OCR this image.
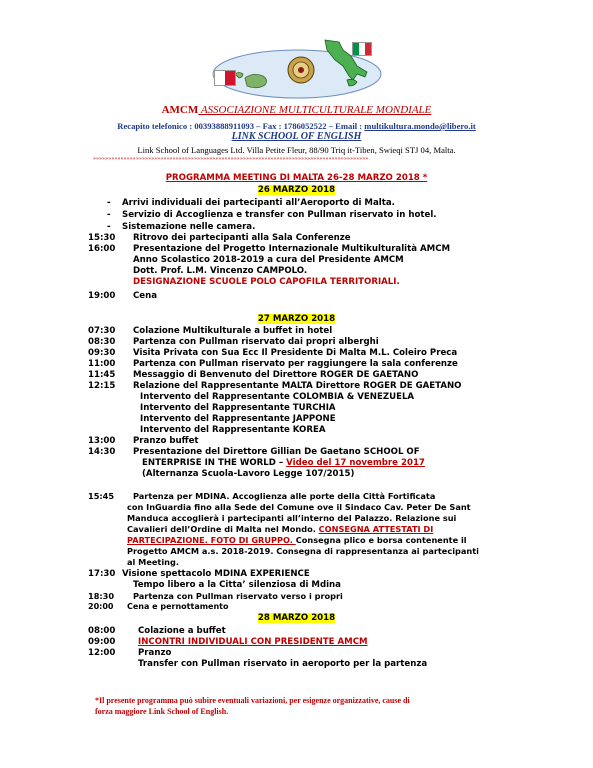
AMCM ASSOCIAZIONE MULTICULTURALE MONDIALE
Recapito telefonico : 00393888911093 – Fax : 1786052522 – Email : multikultura.mondo@libero.it
LINK SCHOOL OF ENGLISH
Link School of Languages Ltd. Villa Petite Fleur, 88/90 Triq it-Tiben, Swieqi STJ 04, Malta.
»»»»»»»»»»»»»»»»»»»»»»»»»»»»»»»»»»»»»»»»»»»»»»»»»»»»»»»»»»»»»»»»»»»»»»»»»»»»»»»»»»»»»»»»»»
PROGRAMMA MEETING DI MALTA 26-28 MARZO 2018 *
26 MARZO 2018
- Arrivi individuali dei partecipanti all’Aeroporto di Malta.
- Servizio di Accoglienza e transfer con Pullman riservato in hotel.
- Sistemazione nelle camera.
15:30 Ritrovo dei partecipanti alla Sala Conferenze
16:00 Presentazione del Progetto Internazionale Multikulturalità AMCM
Anno Scolastico 2018-2019 a cura del Presidente AMCM
Dott. Prof. L.M. Vincenzo CAMPOLO.
DESIGNAZIONE SCUOLE POLO CAPOFILA TERRITORIALI.
19:00 Cena
27 MARZO 2018
07:30 Colazione Multikulturale a buffet in hotel
08:30 Partenza con Pullman riservato dai propri alberghi
09:30 Visita Privata con Sua Ecc Il Presidente Di Malta M.L. Coleiro Preca
11:00 Partenza con Pullman riservato per raggiungere la sala conferenze
11:45 Messaggio di Benvenuto del Direttore ROGER DE GAETANO
12:15 Relazione del Rappresentante MALTA Direttore ROGER DE GAETANO
Intervento del Rappresentante COLOMBIA & VENEZUELA
Intervento del Rappresentante TURCHIA
Intervento del Rappresentante JAPPONE
Intervento del Rappresentante KOREA
13:00 Pranzo buffet
14:30 Presentazione del Direttore Gillian De Gaetano SCHOOL OF
ENTERPRISE IN THE WORLD – Video del 17 novembre 2017
(Alternanza Scuola-Lavoro Legge 107/2015)
15:45 Partenza per MDINA. Accoglienza alle porte della Città Fortificata
con InGuardia fino alla Sede del Comune ove il Sindaco Cav. Peter De Sant
Manduca accoglierà i partecipanti all’interno del Palazzo. Relazione sui
Cavalieri dell’Ordine di Malta nel Mondo. CONSEGNA ATTESTATI DI
PARTECIPAZIONE. FOTO DI GRUPPO. Consegna plico e borsa contenente il
Progetto AMCM a.s. 2018-2019. Consegna di rappresentanza ai partecipanti
al Meeting.
17:30 Visione spettacolo MDINA EXPERIENCE
Tempo libero a la Citta’ silenziosa di Mdina
18:30 Partenza con Pullman riservato verso i propri
20:00 Cena e pernottamento
28 MARZO 2018
08:00	Colazione a buffet
09:00	INCONTRI INDIVIDUALI CON PRESIDENTE AMCM
12:00	Pranzo
Transfer con Pullman riservato in aeroporto per la partenza
*Il presente programma può subire eventuali variazioni, per esigenze organizzative, cause di
forza maggiore Link School of English.
